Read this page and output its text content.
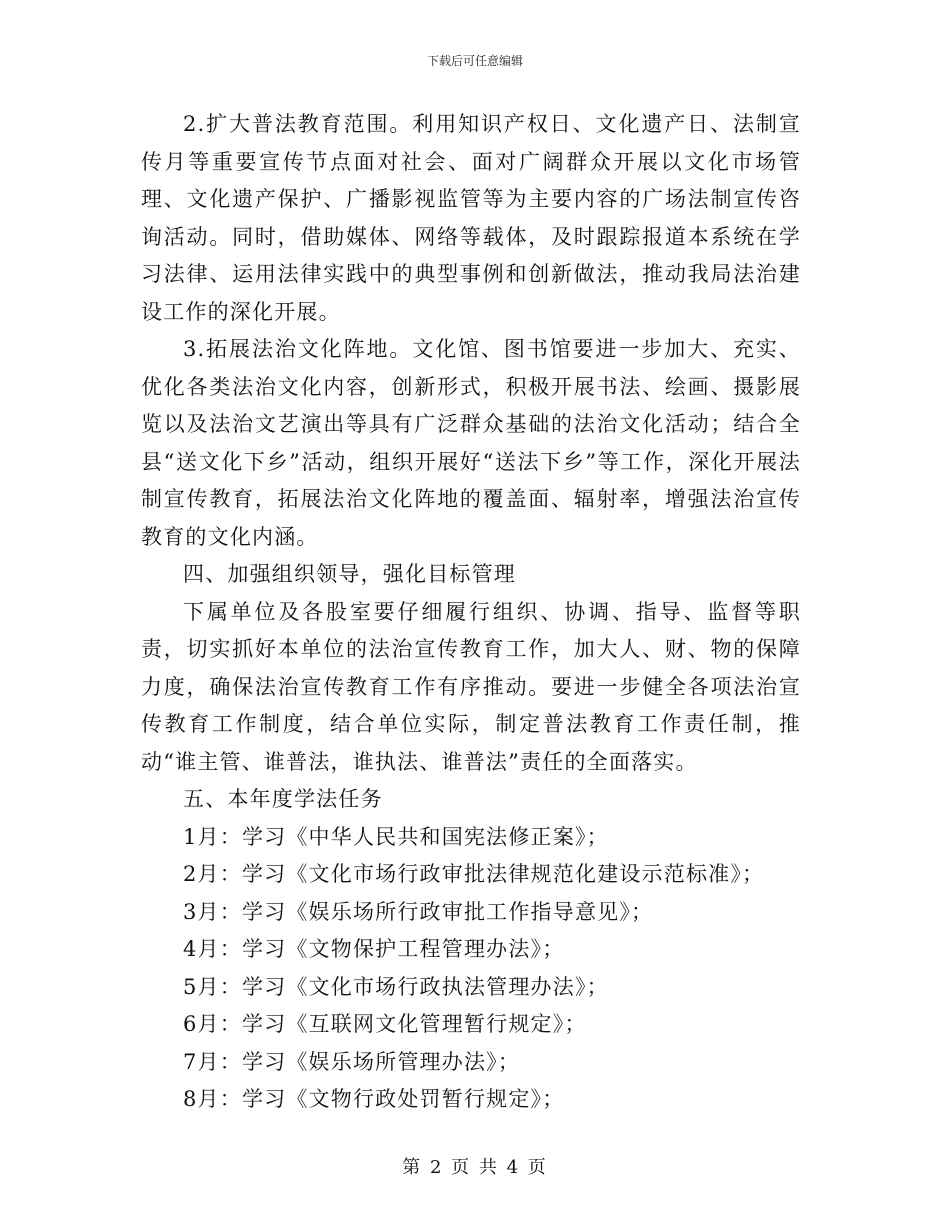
下载后可任意编辑

2.扩大普法教育范围。利用知识产权日、文化遗产日、法制宣传月等重要宣传节点面对社会、面对广阔群众开展以文化市场管理、文化遗产保护、广播影视监管等为主要内容的广场法制宣传咨询活动。同时，借助媒体、网络等载体，及时跟踪报道本系统在学习法律、运用法律实践中的典型事例和创新做法，推动我局法治建设工作的深化开展。

3.拓展法治文化阵地。文化馆、图书馆要进一步加大、充实、优化各类法治文化内容，创新形式，积极开展书法、绘画、摄影展览以及法治文艺演出等具有广泛群众基础的法治文化活动；结合全县“送文化下乡”活动，组织开展好“送法下乡”等工作，深化开展法制宣传教育，拓展法治文化阵地的覆盖面、辐射率，增强法治宣传教育的文化内涵。

四、加强组织领导，强化目标管理

下属单位及各股室要仔细履行组织、协调、指导、监督等职责，切实抓好本单位的法治宣传教育工作，加大人、财、物的保障力度，确保法治宣传教育工作有序推动。要进一步健全各项法治宣传教育工作制度，结合单位实际，制定普法教育工作责任制，推动“谁主管、谁普法，谁执法、谁普法”责任的全面落实。

五、本年度学法任务

1月：学习《中华人民共和国宪法修正案》；

2月：学习《文化市场行政审批法律规范化建设示范标准》；

3月：学习《娱乐场所行政审批工作指导意见》；

4月：学习《文物保护工程管理办法》；

5月：学习《文化市场行政执法管理办法》；

6月：学习《互联网文化管理暂行规定》；

7月：学习《娱乐场所管理办法》；

8月：学习《文物行政处罚暂行规定》；

第 2 页 共 4 页
